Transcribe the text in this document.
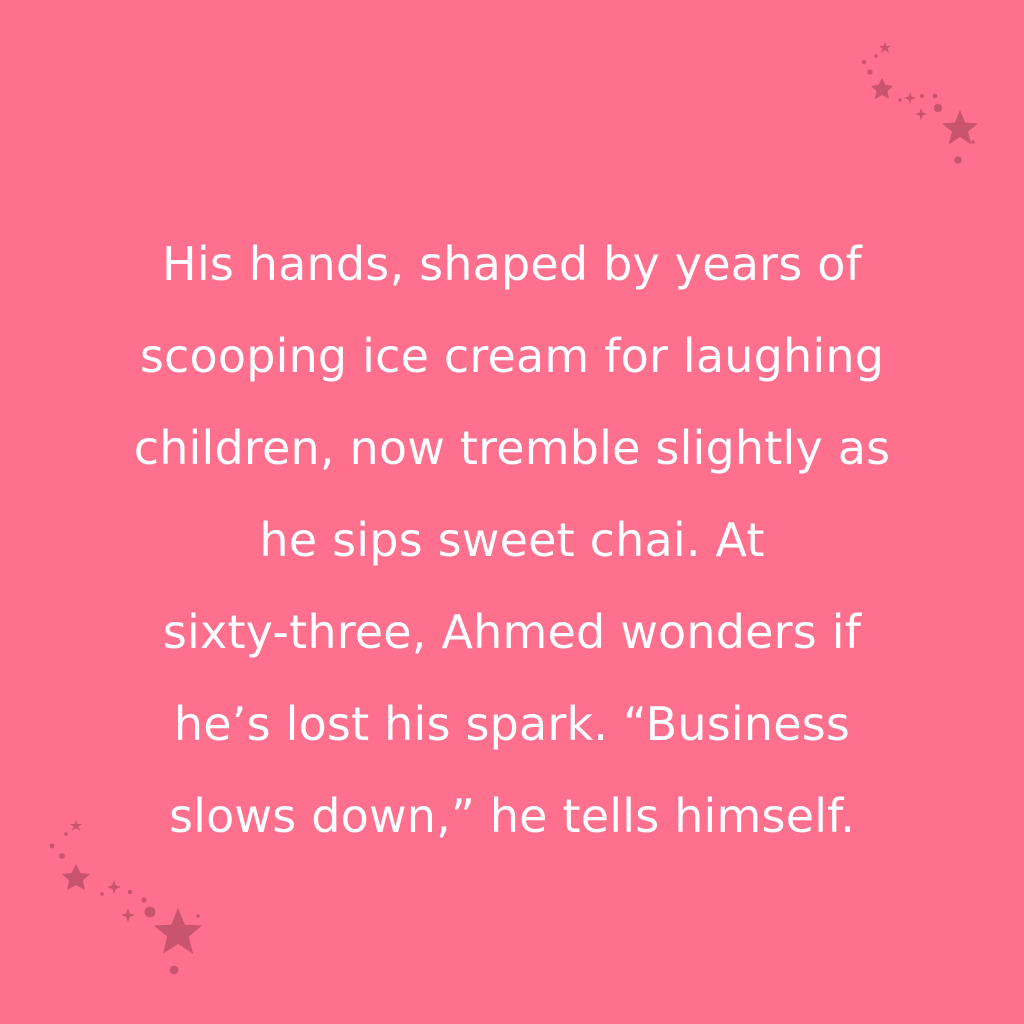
His hands, shaped by years of
scooping ice cream for laughing
children, now tremble slightly as
he sips sweet chai. At
sixty-three, Ahmed wonders if
he’s lost his spark. “Business
slows down,” he tells himself.
